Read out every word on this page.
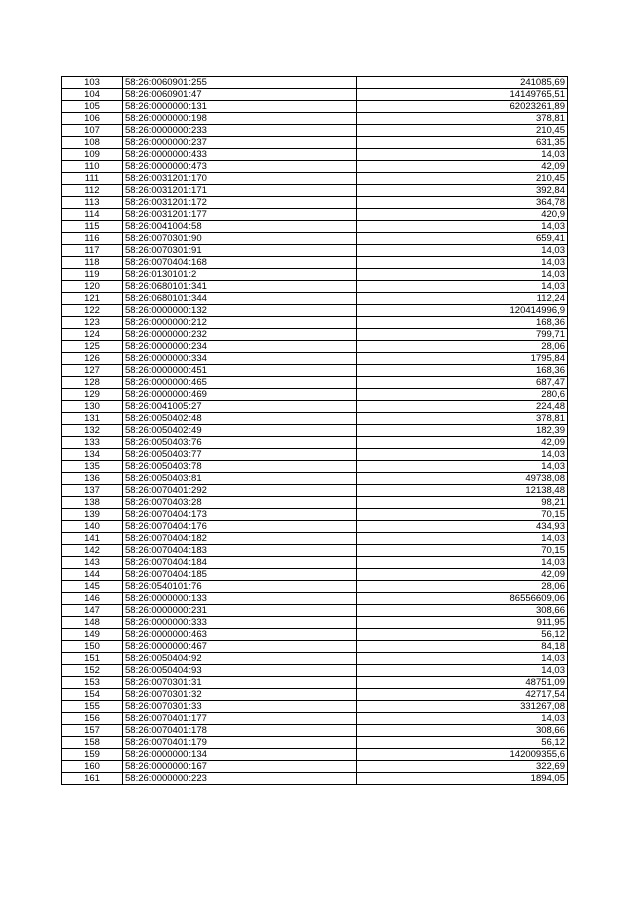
103	58:26:0060901:255	241085,69
104	58:26:0060901:47	14149765,51
105	58:26:0000000:131	62023261,89
106	58:26:0000000:198	378,81
107	58:26:0000000:233	210,45
108	58:26:0000000:237	631,35
109	58:26:0000000:433	14,03
110	58:26:0000000:473	42,09
111	58:26:0031201:170	210,45
112	58:26:0031201:171	392,84
113	58:26:0031201:172	364,78
114	58:26:0031201:177	420,9
115	58:26:0041004:58	14,03
116	58:26:0070301:90	659,41
117	58:26:0070301:91	14,03
118	58:26:0070404:168	14,03
119	58:26:0130101:2	14,03
120	58:26:0680101:341	14,03
121	58:26:0680101:344	112,24
122	58:26:0000000:132	120414996,9
123	58:26:0000000:212	168,36
124	58:26:0000000:232	799,71
125	58:26:0000000:234	28,06
126	58:26:0000000:334	1795,84
127	58:26:0000000:451	168,36
128	58:26:0000000:465	687,47
129	58:26:0000000:469	280,6
130	58:26:0041005:27	224,48
131	58:26:0050402:48	378,81
132	58:26:0050402:49	182,39
133	58:26:0050403:76	42,09
134	58:26:0050403:77	14,03
135	58:26:0050403:78	14,03
136	58:26:0050403:81	49738,08
137	58:26:0070401:292	12138,48
138	58:26:0070403:28	98,21
139	58:26:0070404:173	70,15
140	58:26:0070404:176	434,93
141	58:26:0070404:182	14,03
142	58:26:0070404:183	70,15
143	58:26:0070404:184	14,03
144	58:26:0070404:185	42,09
145	58:26:0540101:76	28,06
146	58:26:0000000:133	86556609,06
147	58:26:0000000:231	308,66
148	58:26:0000000:333	911,95
149	58:26:0000000:463	56,12
150	58:26:0000000:467	84,18
151	58:26:0050404:92	14,03
152	58:26:0050404:93	14,03
153	58:26:0070301:31	48751,09
154	58:26:0070301:32	42717,54
155	58:26:0070301:33	331267,08
156	58:26:0070401:177	14,03
157	58:26:0070401:178	308,66
158	58:26:0070401:179	56,12
159	58:26:0000000:134	142009355,6
160	58:26:0000000:167	322,69
161	58:26:0000000:223	1894,05
